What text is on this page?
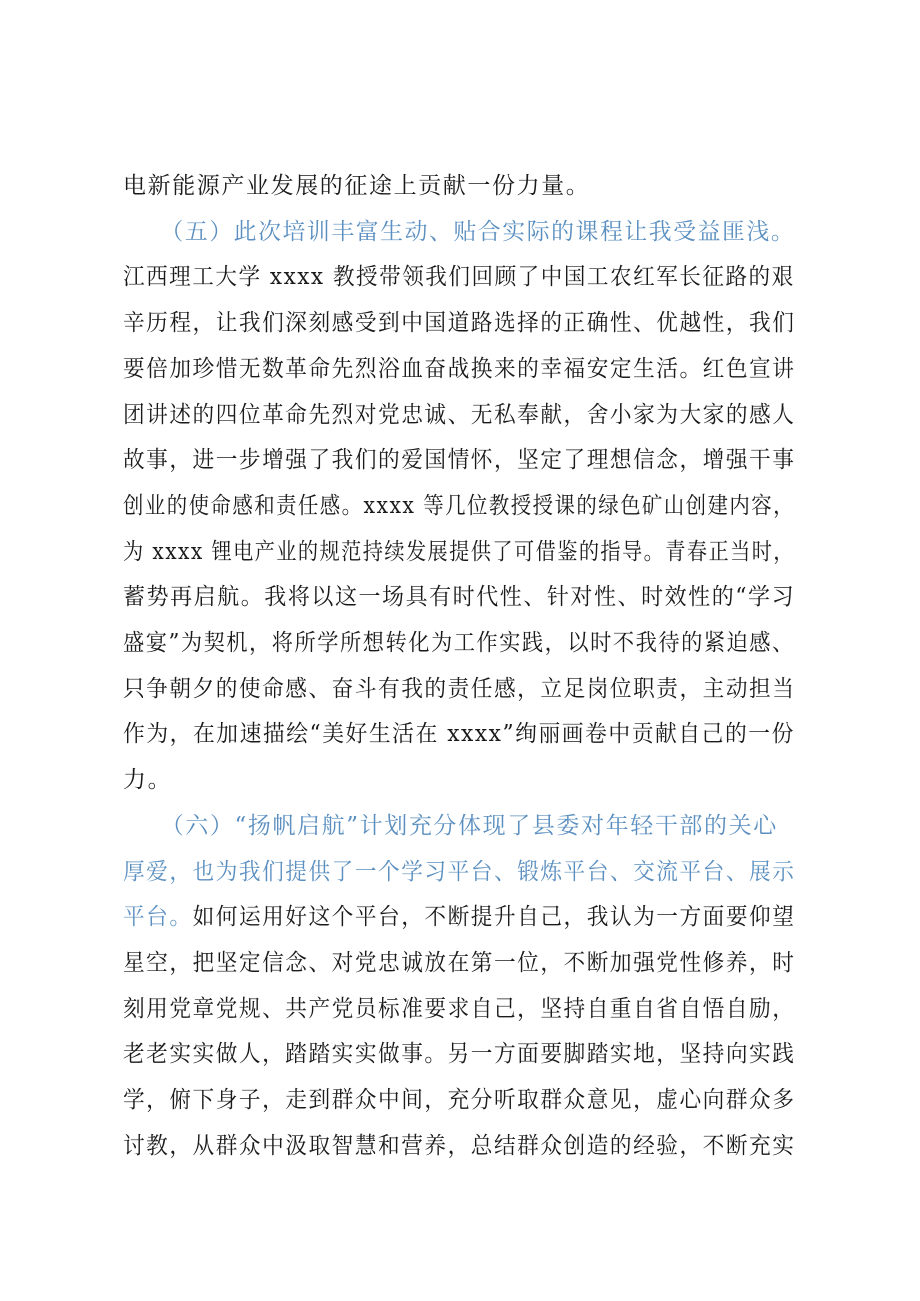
电新能源产业发展的征途上贡献一份力量。
　　（五）此次培训丰富生动、贴合实际的课程让我受益匪浅。
江西理工大学 xxxx 教授带领我们回顾了中国工农红军长征路的艰
辛历程，让我们深刻感受到中国道路选择的正确性、优越性，我们
要倍加珍惜无数革命先烈浴血奋战换来的幸福安定生活。红色宣讲
团讲述的四位革命先烈对党忠诚、无私奉献，舍小家为大家的感人
故事，进一步增强了我们的爱国情怀，坚定了理想信念，增强干事
创业的使命感和责任感。xxxx 等几位教授授课的绿色矿山创建内容，
为 xxxx 锂电产业的规范持续发展提供了可借鉴的指导。青春正当时，
蓄势再启航。我将以这一场具有时代性、针对性、时效性的“学习
盛宴”为契机，将所学所想转化为工作实践，以时不我待的紧迫感、
只争朝夕的使命感、奋斗有我的责任感，立足岗位职责，主动担当
作为，在加速描绘“美好生活在 xxxx”绚丽画卷中贡献自己的一份
力。
　　（六）“扬帆启航”计划充分体现了县委对年轻干部的关心
厚爱，也为我们提供了一个学习平台、锻炼平台、交流平台、展示
平台。如何运用好这个平台，不断提升自己，我认为一方面要仰望
星空，把坚定信念、对党忠诚放在第一位，不断加强党性修养，时
刻用党章党规、共产党员标准要求自己，坚持自重自省自悟自励，
老老实实做人，踏踏实实做事。另一方面要脚踏实地，坚持向实践
学，俯下身子，走到群众中间，充分听取群众意见，虚心向群众多
讨教，从群众中汲取智慧和营养，总结群众创造的经验，不断充实
